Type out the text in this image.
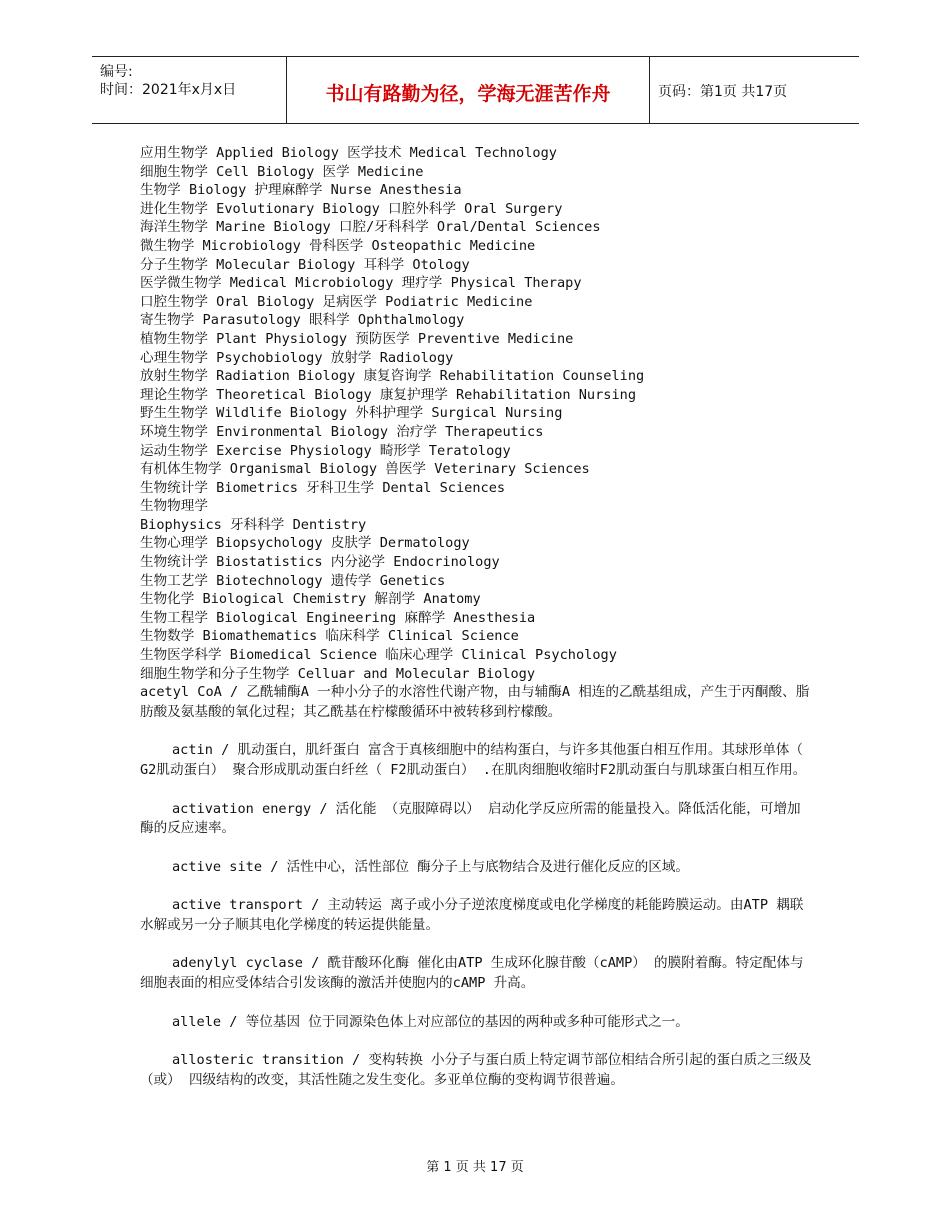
编号:
时间：2021年x月x日	书山有路勤为径，学海无涯苦作舟	页码：第1页 共17页
应用生物学 Applied Biology 医学技术 Medical Technology
细胞生物学 Cell Biology 医学 Medicine
生物学 Biology 护理麻醉学 Nurse Anesthesia
进化生物学 Evolutionary Biology 口腔外科学 Oral Surgery
海洋生物学 Marine Biology 口腔/牙科科学 Oral/Dental Sciences
微生物学 Microbiology 骨科医学 Osteopathic Medicine
分子生物学 Molecular Biology 耳科学 Otology
医学微生物学 Medical Microbiology 理疗学 Physical Therapy
口腔生物学 Oral Biology 足病医学 Podiatric Medicine
寄生物学 Parasutology 眼科学 Ophthalmology
植物生物学 Plant Physiology 预防医学 Preventive Medicine
心理生物学 Psychobiology 放射学 Radiology
放射生物学 Radiation Biology 康复咨询学 Rehabilitation Counseling
理论生物学 Theoretical Biology 康复护理学 Rehabilitation Nursing
野生生物学 Wildlife Biology 外科护理学 Surgical Nursing
环境生物学 Environmental Biology 治疗学 Therapeutics
运动生物学 Exercise Physiology 畸形学 Teratology
有机体生物学 Organismal Biology 兽医学 Veterinary Sciences
生物统计学 Biometrics 牙科卫生学 Dental Sciences
生物物理学
Biophysics 牙科科学 Dentistry
生物心理学 Biopsychology 皮肤学 Dermatology
生物统计学 Biostatistics 内分泌学 Endocrinology
生物工艺学 Biotechnology 遗传学 Genetics
生物化学 Biological Chemistry 解剖学 Anatomy
生物工程学 Biological Engineering 麻醉学 Anesthesia
生物数学 Biomathematics 临床科学 Clinical Science
生物医学科学 Biomedical Science 临床心理学 Clinical Psychology
细胞生物学和分子生物学 Celluar and Molecular Biology
acetyl CoA / 乙酰辅酶A 一种小分子的水溶性代谢产物，由与辅酶A 相连的乙酰基组成，产生于丙酮酸、脂肪酸及氨基酸的氧化过程；其乙酰基在柠檬酸循环中被转移到柠檬酸。
actin / 肌动蛋白，肌纤蛋白 富含于真核细胞中的结构蛋白，与许多其他蛋白相互作用。其球形单体（ G2肌动蛋白） 聚合形成肌动蛋白纤丝（ F2肌动蛋白） .在肌肉细胞收缩时F2肌动蛋白与肌球蛋白相互作用。
activation energy / 活化能 （克服障碍以） 启动化学反应所需的能量投入。降低活化能，可增加酶的反应速率。
active site / 活性中心，活性部位 酶分子上与底物结合及进行催化反应的区域。
active transport / 主动转运 离子或小分子逆浓度梯度或电化学梯度的耗能跨膜运动。由ATP 耦联水解或另一分子顺其电化学梯度的转运提供能量。
adenylyl cyclase / 酰苷酸环化酶 催化由ATP 生成环化腺苷酸（cAMP） 的膜附着酶。特定配体与细胞表面的相应受体结合引发该酶的激活并使胞内的cAMP 升高。
allele / 等位基因 位于同源染色体上对应部位的基因的两种或多种可能形式之一。
allosteric transition / 变构转换 小分子与蛋白质上特定调节部位相结合所引起的蛋白质之三级及（或） 四级结构的改变，其活性随之发生变化。多亚单位酶的变构调节很普遍。
第 1 页 共 17 页
